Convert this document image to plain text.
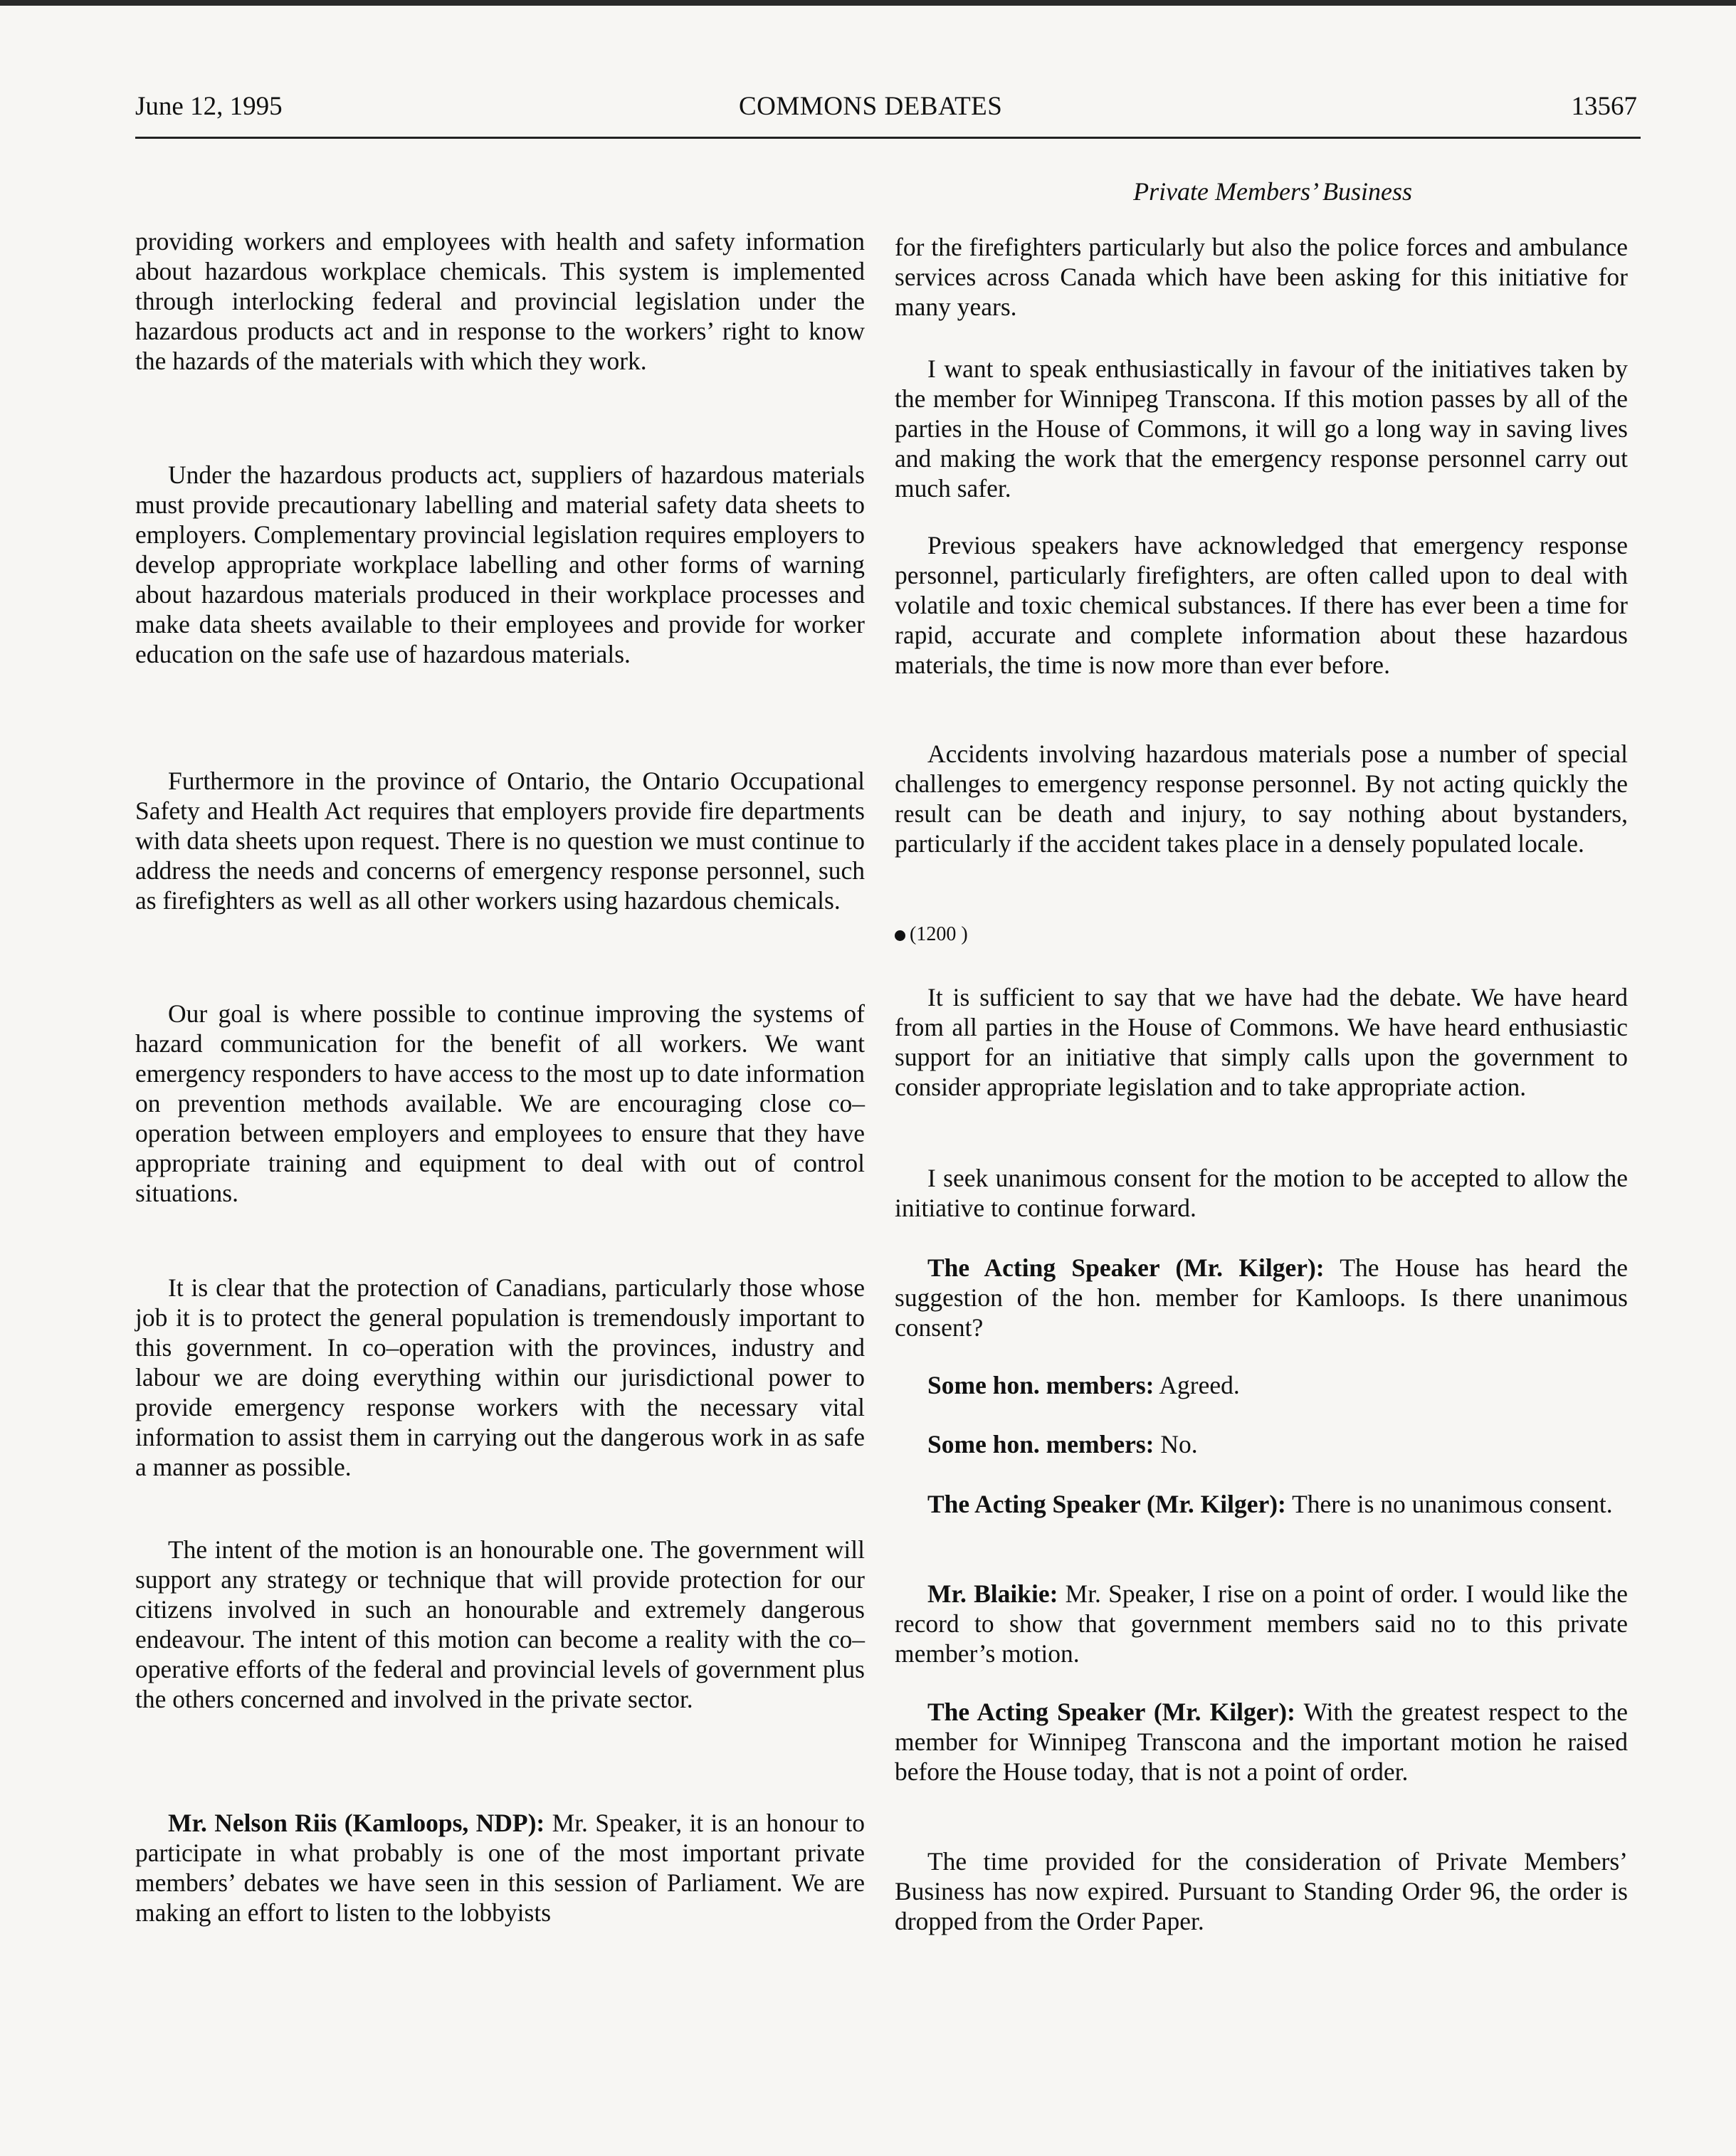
June 12, 1995	COMMONS DEBATES	13567
Private Members’ Business

providing workers and employees with health and safety information about hazardous workplace chemicals. This system is implemented through interlocking federal and provincial legislation under the hazardous products act and in response to the workers’ right to know the hazards of the materials with which they work.

Under the hazardous products act, suppliers of hazardous materials must provide precautionary labelling and material safety data sheets to employers. Complementary provincial legislation requires employers to develop appropriate workplace labelling and other forms of warning about hazardous materials produced in their workplace processes and make data sheets available to their employees and provide for worker education on the safe use of hazardous materials.

Furthermore in the province of Ontario, the Ontario Occupational Safety and Health Act requires that employers provide fire departments with data sheets upon request. There is no question we must continue to address the needs and concerns of emergency response personnel, such as firefighters as well as all other workers using hazardous chemicals.

Our goal is where possible to continue improving the systems of hazard communication for the benefit of all workers. We want emergency responders to have access to the most up to date information on prevention methods available. We are encouraging close co–operation between employers and employees to ensure that they have appropriate training and equipment to deal with out of control situations.

It is clear that the protection of Canadians, particularly those whose job it is to protect the general population is tremendously important to this government. In co–operation with the provinces, industry and labour we are doing everything within our jurisdictional power to provide emergency response workers with the necessary vital information to assist them in carrying out the dangerous work in as safe a manner as possible.

The intent of the motion is an honourable one. The government will support any strategy or technique that will provide protection for our citizens involved in such an honourable and extremely dangerous endeavour. The intent of this motion can become a reality with the co–operative efforts of the federal and provincial levels of government plus the others concerned and involved in the private sector.

Mr. Nelson Riis (Kamloops, NDP): Mr. Speaker, it is an honour to participate in what probably is one of the most important private members’ debates we have seen in this session of Parliament. We are making an effort to listen to the lobbyists

for the firefighters particularly but also the police forces and ambulance services across Canada which have been asking for this initiative for many years.

I want to speak enthusiastically in favour of the initiatives taken by the member for Winnipeg Transcona. If this motion passes by all of the parties in the House of Commons, it will go a long way in saving lives and making the work that the emergency response personnel carry out much safer.

Previous speakers have acknowledged that emergency response personnel, particularly firefighters, are often called upon to deal with volatile and toxic chemical substances. If there has ever been a time for rapid, accurate and complete information about these hazardous materials, the time is now more than ever before.

Accidents involving hazardous materials pose a number of special challenges to emergency response personnel. By not acting quickly the result can be death and injury, to say nothing about bystanders, particularly if the accident takes place in a densely populated locale.

(1200 )

It is sufficient to say that we have had the debate. We have heard from all parties in the House of Commons. We have heard enthusiastic support for an initiative that simply calls upon the government to consider appropriate legislation and to take appropriate action.

I seek unanimous consent for the motion to be accepted to allow the initiative to continue forward.

The Acting Speaker (Mr. Kilger): The House has heard the suggestion of the hon. member for Kamloops. Is there unanimous consent?

Some hon. members: Agreed.

Some hon. members: No.

The Acting Speaker (Mr. Kilger): There is no unanimous consent.

Mr. Blaikie: Mr. Speaker, I rise on a point of order. I would like the record to show that government members said no to this private member’s motion.

The Acting Speaker (Mr. Kilger): With the greatest respect to the member for Winnipeg Transcona and the important motion he raised before the House today, that is not a point of order.

The time provided for the consideration of Private Members’ Business has now expired. Pursuant to Standing Order 96, the order is dropped from the Order Paper.
